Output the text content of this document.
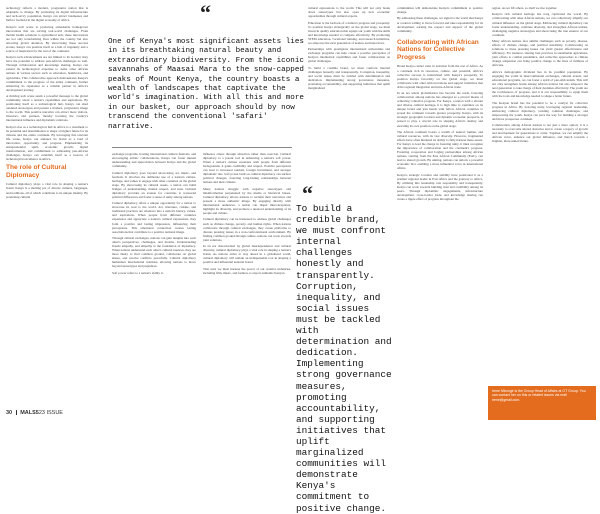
technology reflects a modern, progressive nation that is adaptable to change. By promoting its digital infrastructure and tech-savvy population, Kenya can attract businesses and build a foothold in the digital economy of Africa.

Kenya's tech scene is producing remarkable homegrown innovations that are solving real-world challenges. From mobile health solutions to agricultural tech, these innovations are not only transforming lives within the country but also attracting global attention. By showcasing these success stories, Kenya can position itself as a hub of ingenuity and a source of inspiration for the rest of the continent.

Kenya's tech advancements are not limited to its borders; they have the potential to address pan-African challenges as well. Through collaboration and knowledge sharing, Kenya can extend its technological expertise to assist other African nations in various sectors such as education, healthcare, and agriculture. This collaborative approach demonstrates Kenya's commitment to the progress of the entire continent, further enhancing its reputation as a reliable partner in Africa's development journey.

A thriving tech scene sends a powerful message to the global community about a nation's capabilities and aspirations. By positioning itself as a technological hub, Kenya can shed outdated stereotypes and present a modern, progressive image to the world. This positive narrative can attract more visitors, investors, and partners, thereby boosting the country's international influence and diplomatic relations.

Kenya's rise as a technological hub in Africa is a testament to its potential and determination to shape a brighter future for its citizens and the entire continent. By leveraging this relevant life scene, Kenya can enhance its brand as a land of innovation, opportunity, and progress. Emphasizing its entrepreneurial spirit, economic growth, digital transformation, and commitment to addressing pan-African challenges, Kenya can establish itself as a beacon of technological excellence in Africa.

The role of Cultural Diplomacy

Cultural diplomacy plays a vital role in shaping a nation's brand. Kenya is a melting pot of diverse cultures, languages, and traditions, all of which contribute to its unique identity. By promoting cultural

exchange programs, hosting international cultural festivals, and encouraging artistic collaborations, Kenya can foster mutual understanding and appreciation between Kenya and the global community.

Cultural diplomacy goes beyond showcasing art, music, and festivals. It involves the deliberate use of a nation's culture, heritage, and values to engage with other countries on the global stage. By showcasing its cultural assets, a nation can build bridges of understanding, mutual respect, and trust. Cultural diplomacy provides an avenue for countries to transcend political differences and foster a sense of unity among nations.

Cultural diplomacy offers a unique opportunity for a nation to showcase its soul to the world. Art, literature, cuisine, and traditional practices are windows into a nation's history, values, and aspirations. When people from different countries experience and appreciate a nation's cultural expressions, they form a positive and lasting impression, influencing their perceptions. This emotional connection creates lasting associations that contribute to a positive national image.

Through cultural exchanges, nations can gain insights into each other's perspectives, challenges, and dreams. Understanding breeds empathy, and empathy is the foundation of diplomacy. When nations understand each other's cultural nuances, they are more likely to find common ground, collaborate on global issues, and resolve conflicts peacefully. Cultural diplomacy humanizes international relations, allowing nations to move beyond stereotypes and prejudices.

Soft power refers to a nation's ability to

influence others through attraction rather than coercion. Cultural diplomacy is a potent tool in enhancing a nation's soft power. When a nation's culture resonates with people from different backgrounds, it gains credibility and respect. Positive perceptions can lead to increased tourism, foreign investment, and stronger diplomatic ties. Soft power built on cultural diplomacy can surface political changes, fostering long-lasting relationships between nations and their citizens.

Many nations struggle with negative stereotypes and misinformation perpetuated by the media or historical biases. Cultural diplomacy allows nations to reclaim their narratives and present a more authentic image. By engaging directly with international audiences, a nation can dispel misconceptions, highlight its diversity, and promote a nuanced understanding of its people and culture.

Cultural diplomacy can be harnessed to address global challenges such as climate change, poverty, and human rights. When nations collaborate through cultural exchanges, they create platforms to discuss pressing issues in a non-confrontational environment. By finding common ground through culture, nations can work towards joint solutions.

In an era characterized by global interdependence and cultural diversity, cultural diplomacy plays a vital role in shaping a nation's brand. As nations strive to stay ahead in a globalized world, cultural diplomacy will remain an indispensable tool in shaping a positive and influential national brand.

That said, we must harness the power of our creative industries, including film, music, and fashion, to export authentic Kenyan

“
30 MALS523 ISSUE
One of Kenya's most significant assets lies in its breathtaking natural beauty and extraordinary biodiversity. From the iconic savannahs of Maasai Mara to the snow-capped peaks of Mount Kenya, the country boasts a wealth of landscapes that captivate the world's imagination. With all this and more in our basket, our approach should by now transcend the conventional 'safari' narrative.

cultural expressions to the world. This will not only break down stereotypes but also open up new economic opportunities through cultural exports.

Education is the bedrock of a nation's progress and prosperity. To position Kenya strategically on the global stage, we must invest in quality education that equips our youth with the skills and knowledge needed to compete effectively. By promoting STEM education, vocational training, and research initiatives, we empower the next generation of leaders and innovators.

Partnerships with prestigious international universities and exchange programs can help create a positive perception of Kenya's intellectual capabilities and foster collaboration on global challenges.

To build a credible brand, we must confront internal challenges honestly and transparently. Corruption, inequality, and social issues must be tackled with determination and dedication. Implementing strong governance measures, promoting accountability, and supporting initiatives that uplift marginalized

communities will demonstrate Kenya's commitment to positive change.

By addressing these challenges, we signal to the world that Kenya is a nation willing to move forward and take responsibility for its development, earning the respect and support of the global community.

Collaborating with African Nations for Collective Progress

Brand Kenya cannot exist in isolation from the rest of Africa. As a continent rich in resources, culture, and potential, Africa's collective success is intertwined with Kenya's prosperity. To position Kenya favorably on the global stage, we must collaborate with other African nations and support initiatives that drive regional integration and intra-African trade.

In an era where globalization has become the norm, fostering collaboration among nations has emerged as a pivotal means of achieving collective progress. For Kenya, a nation with a vibrant and diverse cultural heritage, it is high time to capitalize on its unique brand and join hands with fellow African countries to propel the continent towards greater prosperity. Kenya, with its strategic geographic location and dynamic economic prospects, is poised to play a crucial role in shaping Africa's destiny and elevating its own position on the global stage.

The African continent boasts a wealth of natural, human, and cultural resources, with its vast diversity. However, fragmented efforts have often hindered its ability to fully harness these assets. For Kenya to lead the charge in fostering unity, it must recognize the importance of collaboration and the continent's progress. Fostering cooperation and forging partnerships among African nations, starting from the East African Community (EAC), can lead to shared growth. By uniting, nations can unlock a powerful economic bloc enabling a more influential voice in international affairs.

Kenya's strategic location and stability have positioned it as a premier regional leader in East Africa and the gateway to Africa. By utilizing this leadership role responsibly and transparently, Kenya can work towards building trust and credibility among its peers. Through diplomatic engagements, infrastructure development, cross-border trade, and knowledge sharing can create a ripple effect of progress throughout the

region. As we lift others, so shall we rise together.

Kenya's rich cultural heritage has long captivated the world. By collaborating with other African nations, we can collectively amplify our cultural influence on the global stage. Embracing cultural diplomacy can foster understanding, celebrate diversity, and strengthen African unities, challenging negative stereotypes and showcasing the true essence of our continent.

Many African nations face similar challenges such as poverty, disease, effects of climate change, and political instability. Collaborating on solutions to these pressing issues can yield greater effectiveness and efficiency. For instance, sharing best practices in sustainable agriculture, joint efforts to combat pandemics, and collective approaches to climate change adaptation can bring positive change to the lives of millions of Africans.

Africa's demographic dividend lies in its youthful population. By engaging the youth in intercontinental exchanges, cultural events, and educational programs, we can foster a spirit of pan-Africanism. This will not only strengthen bonds among African nations but also empower the next generation to take charge of their destinies effectively. The youth are the torchbearers of progress, and it is our responsibility to equip them with the tools and knowledge needed to shape a better future.

The Kenyan brand has the potential to be a catalyst for collective progress in Africa. By fostering unity, leveraging regional leadership, embracing cultural diplomacy, tackling common challenges, and empowering the youth, Kenya can pave the way for building a stronger and more prosperous continent.

Collaboration among African nations is not just a mere option; it is a necessity to overcome shared obstacles and to create a legacy of growth and development for generations to come. Together, we can amplify the African voice, enhance our global influence, and march towards a brighter, more united future.

Irene Mbonge is the Group Head of Affairs at OT Group. You can contact her on this or related issues via mail irene@gmail.com.
“
To build a credible brand, we must confront internal challenges honestly and transparently. Corruption, inequality, and social issues must be tackled with determination and dedication. Implementing strong governance measures, promoting accountability, and supporting initiatives that uplift marginalized communities will demonstrate Kenya's commitment to positive change.
